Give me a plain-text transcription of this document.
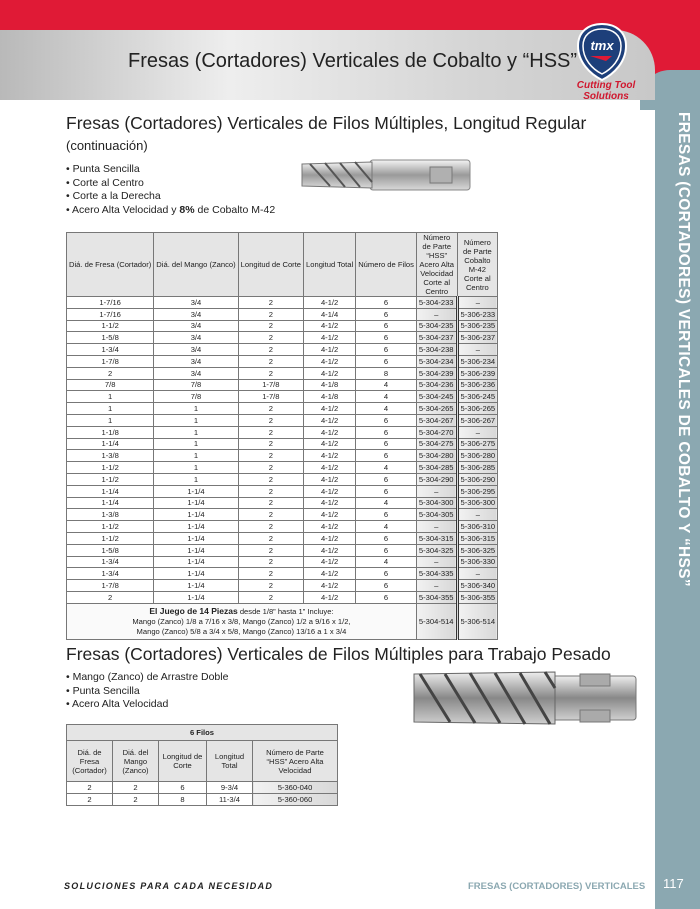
Fresas (Cortadores) Verticales de Cobalto y “HSS”
tmx
Cutting Tool
Solutions
FRESAS (CORTADORES) VERTICALES DE COBALTO Y “HSS”
Fresas (Cortadores) Verticales de Filos Múltiples, Longitud Regular
(continuación)
• Punta Sencilla
• Corte al Centro
• Corte a la Derecha
• Acero Alta Velocidad y 8% de Cobalto M-42
Diá. de Fresa (Cortador)	Diá. del Mango (Zanco)	Longitud de Corte	Longitud Total	Número de Filos	Número de Parte “HSS” Acero Alta Velocidad Corte al Centro	Número de Parte Cobalto M-42 Corte al Centro
1-7/16	3/4	2	4-1/2	6	5-304-233	–
1-7/16	3/4	2	4-1/4	6	–	5-306-233
1-1/2	3/4	2	4-1/2	6	5-304-235	5-306-235
1-5/8	3/4	2	4-1/2	6	5-304-237	5-306-237
1-3/4	3/4	2	4-1/2	6	5-304-238	–
1-7/8	3/4	2	4-1/2	6	5-304-234	5-306-234
2	3/4	2	4-1/2	8	5-304-239	5-306-239
7/8	7/8	1-7/8	4-1/8	4	5-304-236	5-306-236
1	7/8	1-7/8	4-1/8	4	5-304-245	5-306-245
1	1	2	4-1/2	4	5-304-265	5-306-265
1	1	2	4-1/2	6	5-304-267	5-306-267
1-1/8	1	2	4-1/2	6	5-304-270	–
1-1/4	1	2	4-1/2	6	5-304-275	5-306-275
1-3/8	1	2	4-1/2	6	5-304-280	5-306-280
1-1/2	1	2	4-1/2	4	5-304-285	5-306-285
1-1/2	1	2	4-1/2	6	5-304-290	5-306-290
1-1/4	1-1/4	2	4-1/2	6	–	5-306-295
1-1/4	1-1/4	2	4-1/2	4	5-304-300	5-306-300
1-3/8	1-1/4	2	4-1/2	6	5-304-305	–
1-1/2	1-1/4	2	4-1/2	4	–	5-306-310
1-1/2	1-1/4	2	4-1/2	6	5-304-315	5-306-315
1-5/8	1-1/4	2	4-1/2	6	5-304-325	5-306-325
1-3/4	1-1/4	2	4-1/2	4	–	5-306-330
1-3/4	1-1/4	2	4-1/2	6	5-304-335	–
1-7/8	1-1/4	2	4-1/2	6	–	5-306-340
2	1-1/4	2	4-1/2	6	5-304-355	5-306-355
El Juego de 14 Piezas desde 1/8” hasta 1” Incluye:
Mango (Zanco) 1/8 a 7/16 x 3/8, Mango (Zanco) 1/2 a 9/16 x 1/2,
Mango (Zanco) 5/8 a 3/4 x 5/8, Mango (Zanco) 13/16 a 1 x 3/4					5-304-514	5-306-514
Fresas (Cortadores) Verticales de Filos Múltiples para Trabajo Pesado
• Mango (Zanco) de Arrastre Doble
• Punta Sencilla
• Acero Alta Velocidad
6 Filos				
Diá. de Fresa (Cortador)	Diá. del Mango (Zanco)	Longitud de Corte	Longitud Total	Número de Parte “HSS” Acero Alta Velocidad
2	2	6	9-3/4	5-360-040
2	2	8	11-3/4	5-360-060
SOLUCIONES PARA CADA NECESIDAD	FRESAS (CORTADORES) VERTICALES 117
